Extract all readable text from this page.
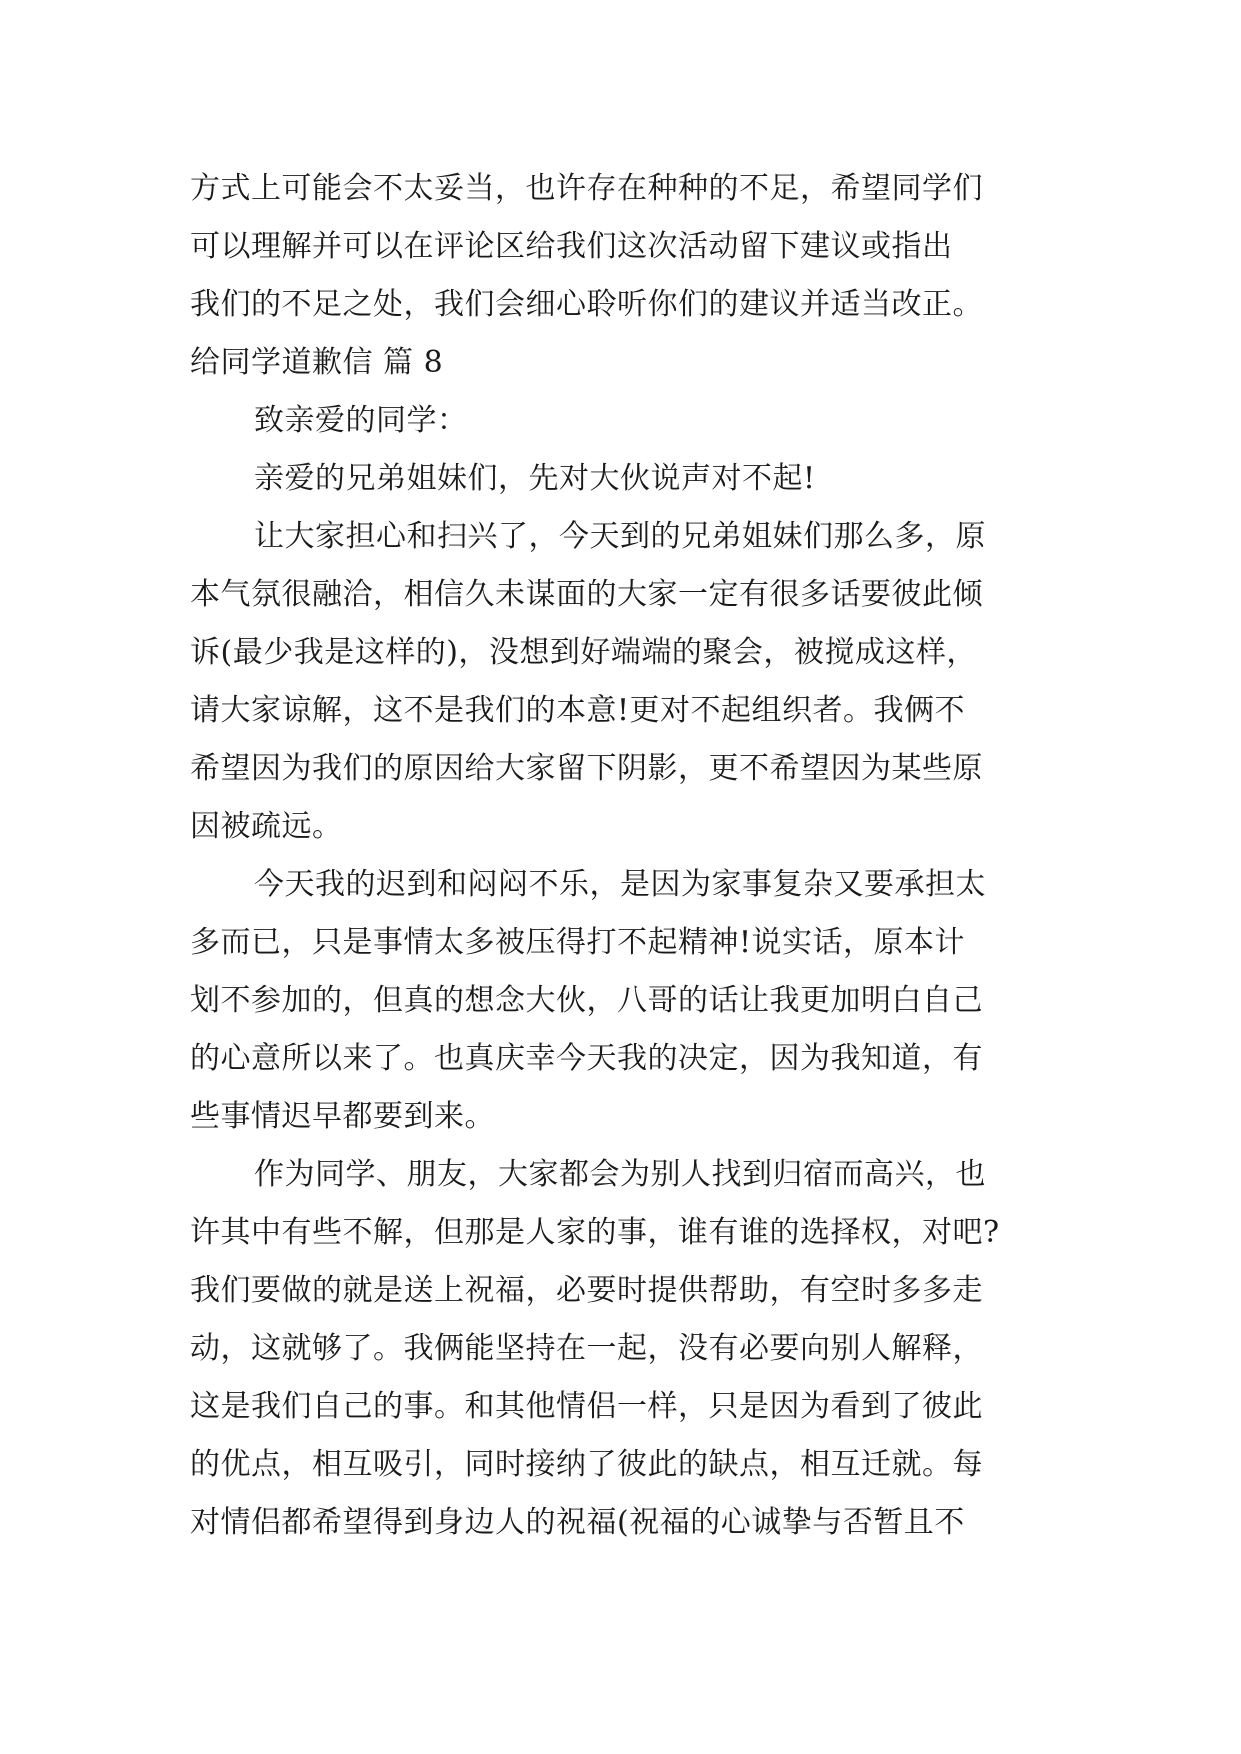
方式上可能会不太妥当，也许存在种种的不足，希望同学们
可以理解并可以在评论区给我们这次活动留下建议或指出
我们的不足之处，我们会细心聆听你们的建议并适当改正。
给同学道歉信 篇 8
致亲爱的同学：
亲爱的兄弟姐妹们，先对大伙说声对不起!
让大家担心和扫兴了，今天到的兄弟姐妹们那么多，原
本气氛很融洽，相信久未谋面的大家一定有很多话要彼此倾
诉(最少我是这样的)，没想到好端端的聚会，被搅成这样，
请大家谅解，这不是我们的本意!更对不起组织者。我俩不
希望因为我们的原因给大家留下阴影，更不希望因为某些原
因被疏远。
今天我的迟到和闷闷不乐，是因为家事复杂又要承担太
多而已，只是事情太多被压得打不起精神!说实话，原本计
划不参加的，但真的想念大伙，八哥的话让我更加明白自己
的心意所以来了。也真庆幸今天我的决定，因为我知道，有
些事情迟早都要到来。
作为同学、朋友，大家都会为别人找到归宿而高兴，也
许其中有些不解，但那是人家的事，谁有谁的选择权，对吧?
我们要做的就是送上祝福，必要时提供帮助，有空时多多走
动，这就够了。我俩能坚持在一起，没有必要向别人解释，
这是我们自己的事。和其他情侣一样，只是因为看到了彼此
的优点，相互吸引，同时接纳了彼此的缺点，相互迁就。每
对情侣都希望得到身边人的祝福(祝福的心诚挚与否暂且不
